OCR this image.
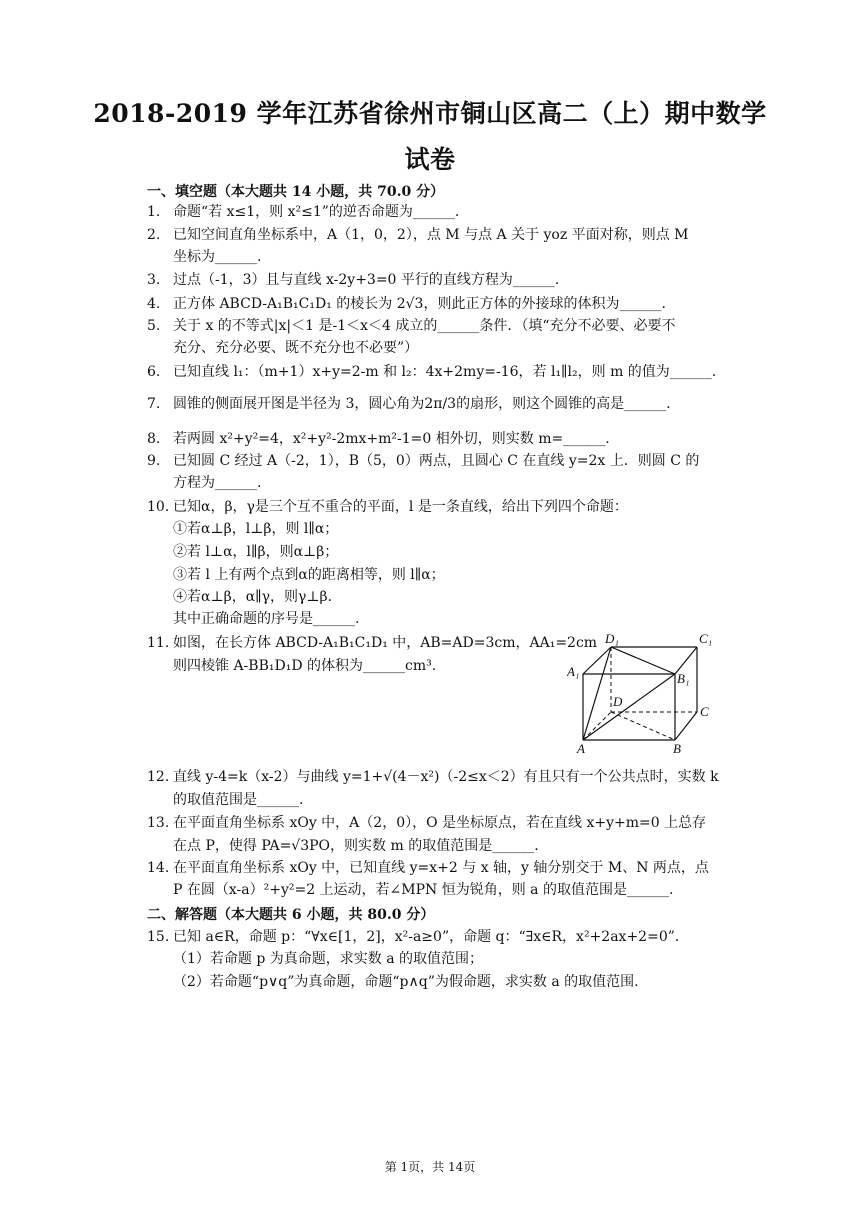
2018-2019 学年江苏省徐州市铜山区高二（上）期中数学
试卷
一、填空题（本大题共 14 小题，共 70.0 分）
1. 命题“若 x≤1，则 x²≤1”的逆否命题为______.
2. 已知空间直角坐标系中，A（1，0，2），点 M 与点 A 关于 yoz 平面对称，则点 M
坐标为______.
3. 过点（-1，3）且与直线 x-2y+3=0 平行的直线方程为______.
4. 正方体 ABCD-A₁B₁C₁D₁ 的棱长为 2√3，则此正方体的外接球的体积为______.
5. 关于 x 的不等式|x|＜1 是-1＜x＜4 成立的______条件．（填“充分不必要、必要不
充分、充分必要、既不充分也不必要”）
6. 已知直线 l₁：（m+1）x+y=2-m 和 l₂：4x+2my=-16，若 l₁∥l₂，则 m 的值为______.
7. 圆锥的侧面展开图是半径为 3，圆心角为2π/3的扇形，则这个圆锥的高是______.
8. 若两圆 x²+y²=4，x²+y²-2mx+m²-1=0 相外切，则实数 m=______.
9. 已知圆 C 经过 A（-2，1），B（5，0）两点，且圆心 C 在直线 y=2x 上．则圆 C 的
方程为______.
10. 已知α，β，γ是三个互不重合的平面，l 是一条直线，给出下列四个命题：
①若α⊥β，l⊥β，则 l∥α；
②若 l⊥α，l∥β，则α⊥β；
③若 l 上有两个点到α的距离相等，则 l∥α；
④若α⊥β，α∥γ，则γ⊥β．
其中正确命题的序号是______.
11. 如图，在长方体 ABCD-A₁B₁C₁D₁ 中，AB=AD=3cm，AA₁=2cm
则四棱锥 A-BB₁D₁D 的体积为______cm³.
D₁	C₁
A₁	B₁
D
C
A	B
12. 直线 y-4=k（x-2）与曲线 y=1+√(4－x²)（-2≤x＜2）有且只有一个公共点时，实数 k
的取值范围是______.
13. 在平面直角坐标系 xOy 中，A（2，0），O 是坐标原点，若在直线 x+y+m=0 上总存
在点 P，使得 PA=√3PO，则实数 m 的取值范围是______.
14. 在平面直角坐标系 xOy 中，已知直线 y=x+2 与 x 轴，y 轴分别交于 M、N 两点，点
P 在圆（x-a）²+y²=2 上运动，若∠MPN 恒为锐角，则 a 的取值范围是______.
二、解答题（本大题共 6 小题，共 80.0 分）
15. 已知 a∈R，命题 p：“∀x∈[1，2]，x²-a≥0”，命题 q：“∃x∈R，x²+2ax+2=0”．
（1）若命题 p 为真命题，求实数 a 的取值范围；
（2）若命题“p∨q”为真命题，命题“p∧q”为假命题，求实数 a 的取值范围.
第 1页，共 14页
